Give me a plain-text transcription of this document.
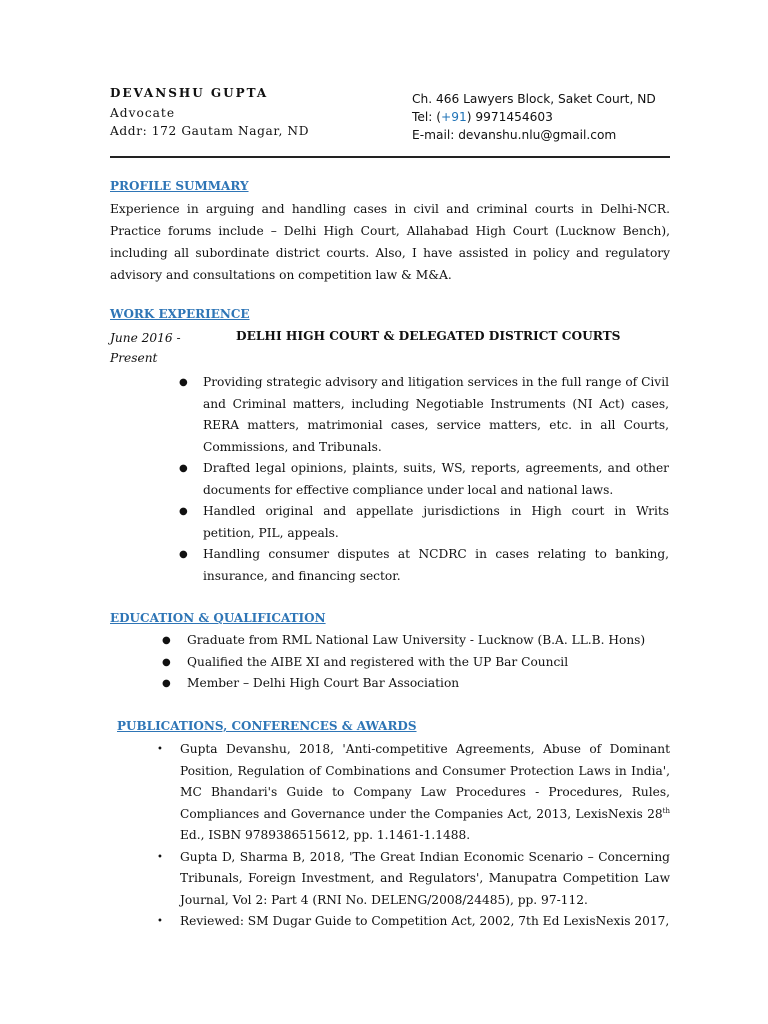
DEVANSHU GUPTA
Advocate
Addr: 172 Gautam Nagar, ND
Ch. 466 Lawyers Block, Saket Court, ND
Tel: (+91) 9971454603
E-mail: devanshu.nlu@gmail.com
PROFILE SUMMARY
Experience in arguing and handling cases in civil and criminal courts in Delhi-NCR. Practice forums include – Delhi High Court, Allahabad High Court (Lucknow Bench), including all subordinate district courts. Also, I have assisted in policy and regulatory advisory and consultations on competition law & M&A.
WORK EXPERIENCE
June 2016 -
Present
DELHI HIGH COURT & DELEGATED DISTRICT COURTS
● Providing strategic advisory and litigation services in the full range of Civil and Criminal matters, including Negotiable Instruments (NI Act) cases, RERA matters, matrimonial cases, service matters, etc. in all Courts, Commissions, and Tribunals.
● Drafted legal opinions, plaints, suits, WS, reports, agreements, and other documents for effective compliance under local and national laws.
● Handled original and appellate jurisdictions in High court in Writs petition, PIL, appeals.
● Handling consumer disputes at NCDRC in cases relating to banking, insurance, and financing sector.
EDUCATION & QUALIFICATION
● Graduate from RML National Law University - Lucknow (B.A. LL.B. Hons)
● Qualified the AIBE XI and registered with the UP Bar Council
● Member – Delhi High Court Bar Association
PUBLICATIONS, CONFERENCES & AWARDS
• Gupta Devanshu, 2018, 'Anti-competitive Agreements, Abuse of Dominant Position, Regulation of Combinations and Consumer Protection Laws in India', MC Bhandari's Guide to Company Law Procedures - Procedures, Rules, Compliances and Governance under the Companies Act, 2013, LexisNexis 28th Ed., ISBN 9789386515612, pp. 1.1461-1.1488.
• Gupta D, Sharma B, 2018, 'The Great Indian Economic Scenario – Concerning Tribunals, Foreign Investment, and Regulators', Manupatra Competition Law Journal, Vol 2: Part 4 (RNI No. DELENG/2008/24485), pp. 97-112.
• Reviewed: SM Dugar Guide to Competition Act, 2002, 7th Ed LexisNexis 2017,
